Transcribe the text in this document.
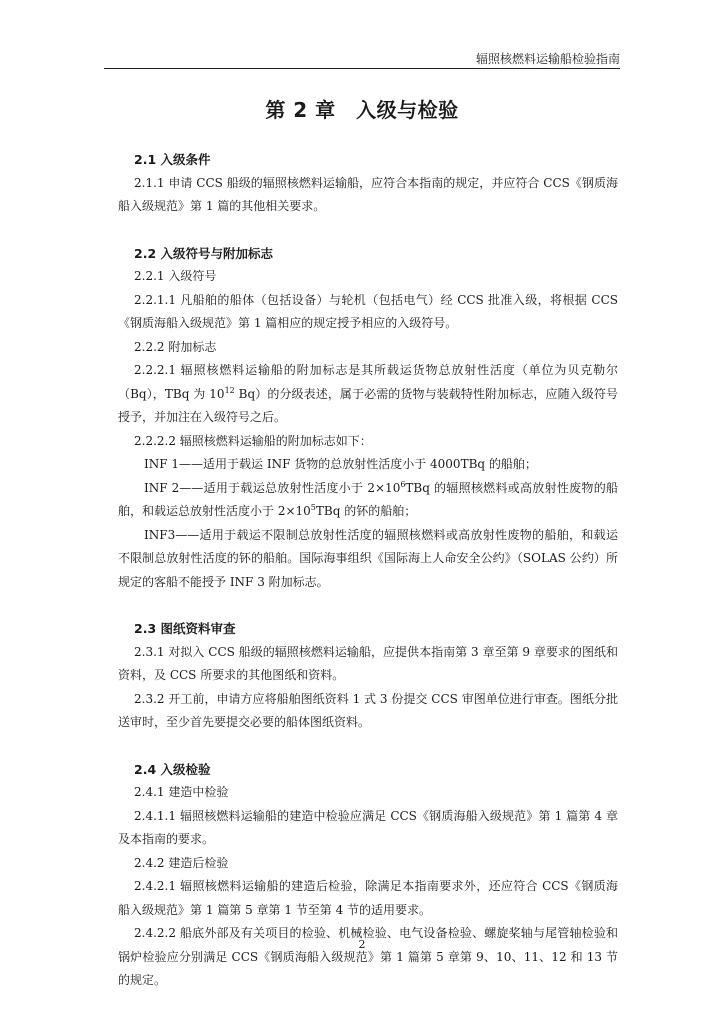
辐照核燃料运输船检验指南
第 2 章　入级与检验
2.1 入级条件

2.1.1 申请 CCS 船级的辐照核燃料运输船，应符合本指南的规定，并应符合 CCS《钢质海船入级规范》第 1 篇的其他相关要求。

2.2 入级符号与附加标志

2.2.1 入级符号

2.2.1.1 凡船舶的船体（包括设备）与轮机（包括电气）经 CCS 批准入级，将根据 CCS《钢质海船入级规范》第 1 篇相应的规定授予相应的入级符号。

2.2.2 附加标志

2.2.2.1 辐照核燃料运输船的附加标志是其所载运货物总放射性活度（单位为贝克勒尔（Bq），TBq 为 $10^{12}$ Bq）的分级表述，属于必需的货物与装载特性附加标志，应随入级符号授予，并加注在入级符号之后。

2.2.2.2 辐照核燃料运输船的附加标志如下：

INF 1——适用于载运 INF 货物的总放射性活度小于 4000TBq 的船舶；

INF 2——适用于载运总放射性活度小于 $2\times 10^6TBq$ 的辐照核燃料或高放射性废物的船舶，和载运总放射性活度小于 $2\times 10^5TBq$ 的钚的船舶；

INF3——适用于载运不限制总放射性活度的辐照核燃料或高放射性废物的船舶，和载运不限制总放射性活度的钚的船舶。国际海事组织《国际海上人命安全公约》（SOLAS 公约）所规定的客船不能授予 INF 3 附加标志。

2.3 图纸资料审查

2.3.1 对拟入 CCS 船级的辐照核燃料运输船，应提供本指南第 3 章至第 9 章要求的图纸和资料，及 CCS 所要求的其他图纸和资料。

2.3.2 开工前，申请方应将船舶图纸资料 1 式 3 份提交 CCS 审图单位进行审查。图纸分批送审时，至少首先要提交必要的船体图纸资料。

2.4 入级检验

2.4.1 建造中检验

2.4.1.1 辐照核燃料运输船的建造中检验应满足 CCS《钢质海船入级规范》第 1 篇第 4 章及本指南的要求。

2.4.2 建造后检验

2.4.2.1 辐照核燃料运输船的建造后检验，除满足本指南要求外，还应符合 CCS《钢质海船入级规范》第 1 篇第 5 章第 1 节至第 4 节的适用要求。

2.4.2.2 船底外部及有关项目的检验、机械检验、电气设备检验、螺旋桨轴与尾管轴检验和锅炉检验应分别满足 CCS《钢质海船入级规范》第 1 篇第 5 章第 9、10、11、12 和 13 节的规定。

2
